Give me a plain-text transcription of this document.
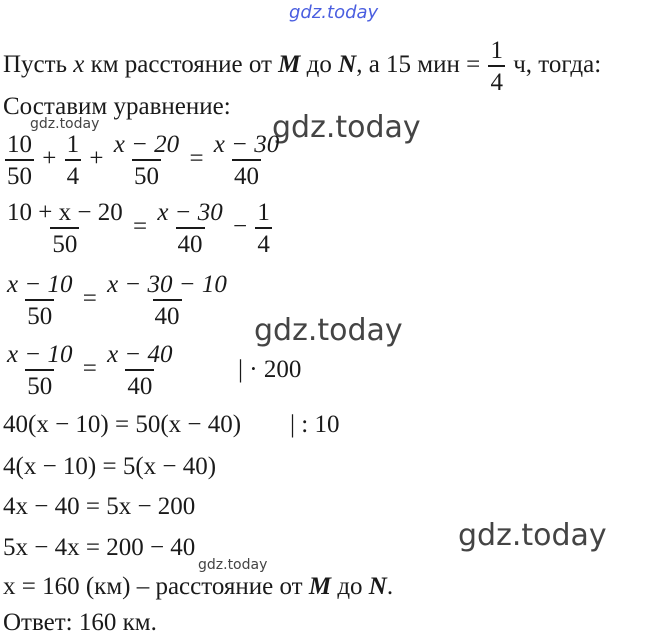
gdz.today
gdz.today	gdz.today
gdz.today
gdz.today
gdz.today
Пусть x км расстояние от M до N, а 15 мин = $\frac{1}{4} ч$, тогда:
Составим уравнение:
$\frac{10}{50} + \frac{1}{4} + \frac{x - 20}{50} = \frac{x - 30}{40}$
$\frac{10 + x - 20}{50} = \frac{x - 30}{40} - \frac{1}{4}$
$\frac{x - 10}{50} = \frac{x - 30 - 10}{40}$
$\frac{x - 10}{50} = \frac{x - 40}{40}$	| · 200
40(x − 10) = 50(x − 40) | : 10
4(x − 10) = 5(x − 40)
4x − 40 = 5x − 200
5x − 4x = 200 − 40
x = 160 (км) – расстояние от M до N.
Ответ: 160 км.
